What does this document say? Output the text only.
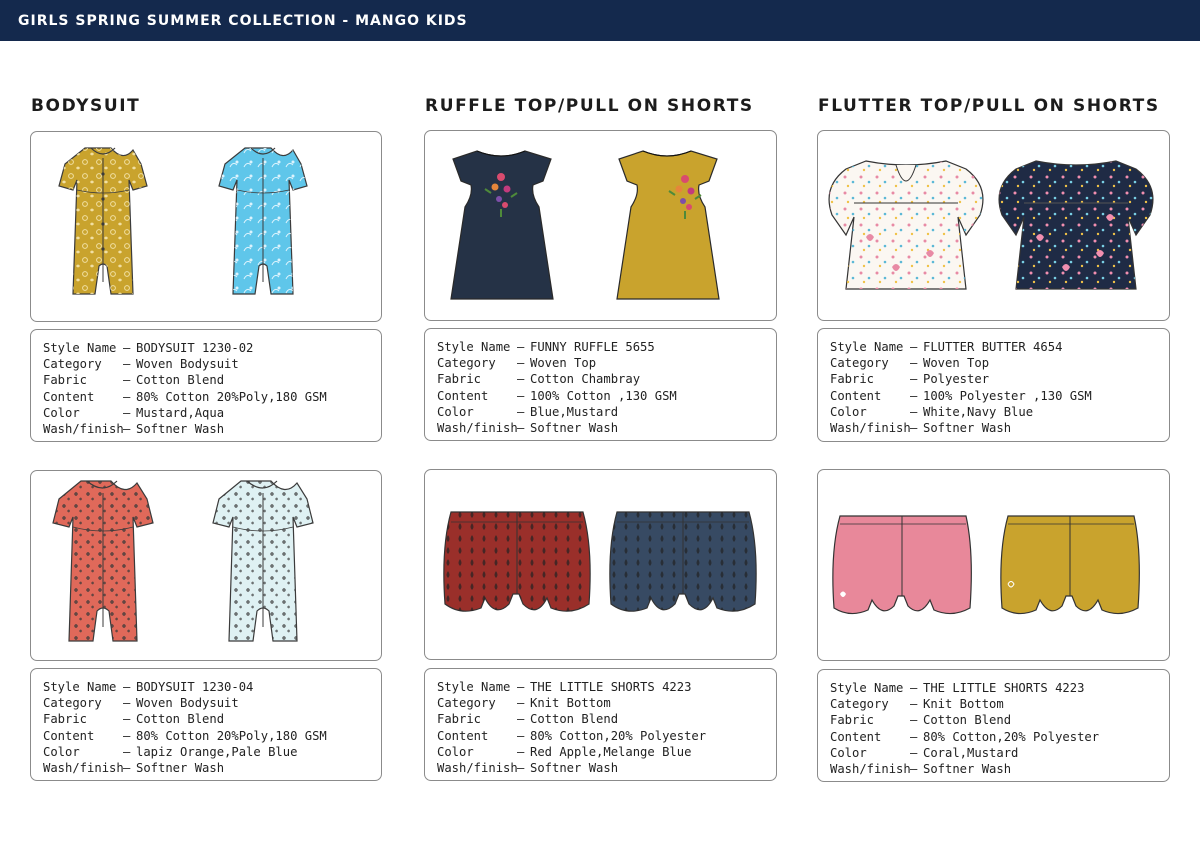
GIRLS SPRING SUMMER COLLECTION - MANGO KIDS
BODYSUIT	RUFFLE TOP/PULL ON SHORTS	FLUTTER TOP/PULL ON SHORTS
Style Name – BODYSUIT 1230-02
Category	– Woven Bodysuit
Fabric	– Cotton Blend
Content	– 80% Cotton 20%Poly,180 GSM
Color	– Mustard,Aqua
Wash/finish – Softner Wash
Style Name – FUNNY RUFFLE 5655
Category	– Woven Top
Fabric	– Cotton Chambray
Content	– 100% Cotton ,130 GSM
Color	– Blue,Mustard
Wash/finish – Softner Wash
Style Name – FLUTTER BUTTER 4654
Category	– Woven Top
Fabric	– Polyester
Content	– 100% Polyester ,130 GSM
Color	– White,Navy Blue
Wash/finish – Softner Wash
Style Name – BODYSUIT 1230-04
Category	– Woven Bodysuit
Fabric	– Cotton Blend
Content	– 80% Cotton 20%Poly,180 GSM
Color	– lapiz Orange,Pale Blue
Wash/finish – Softner Wash
Style Name – THE LITTLE SHORTS 4223
Category	– Knit Bottom
Fabric	– Cotton Blend
Content	– 80% Cotton,20% Polyester
Color	– Red Apple,Melange Blue
Wash/finish – Softner Wash
Style Name – THE LITTLE SHORTS 4223
Category	– Knit Bottom
Fabric	– Cotton Blend
Content	– 80% Cotton,20% Polyester
Color	– Coral,Mustard
Wash/finish – Softner Wash
